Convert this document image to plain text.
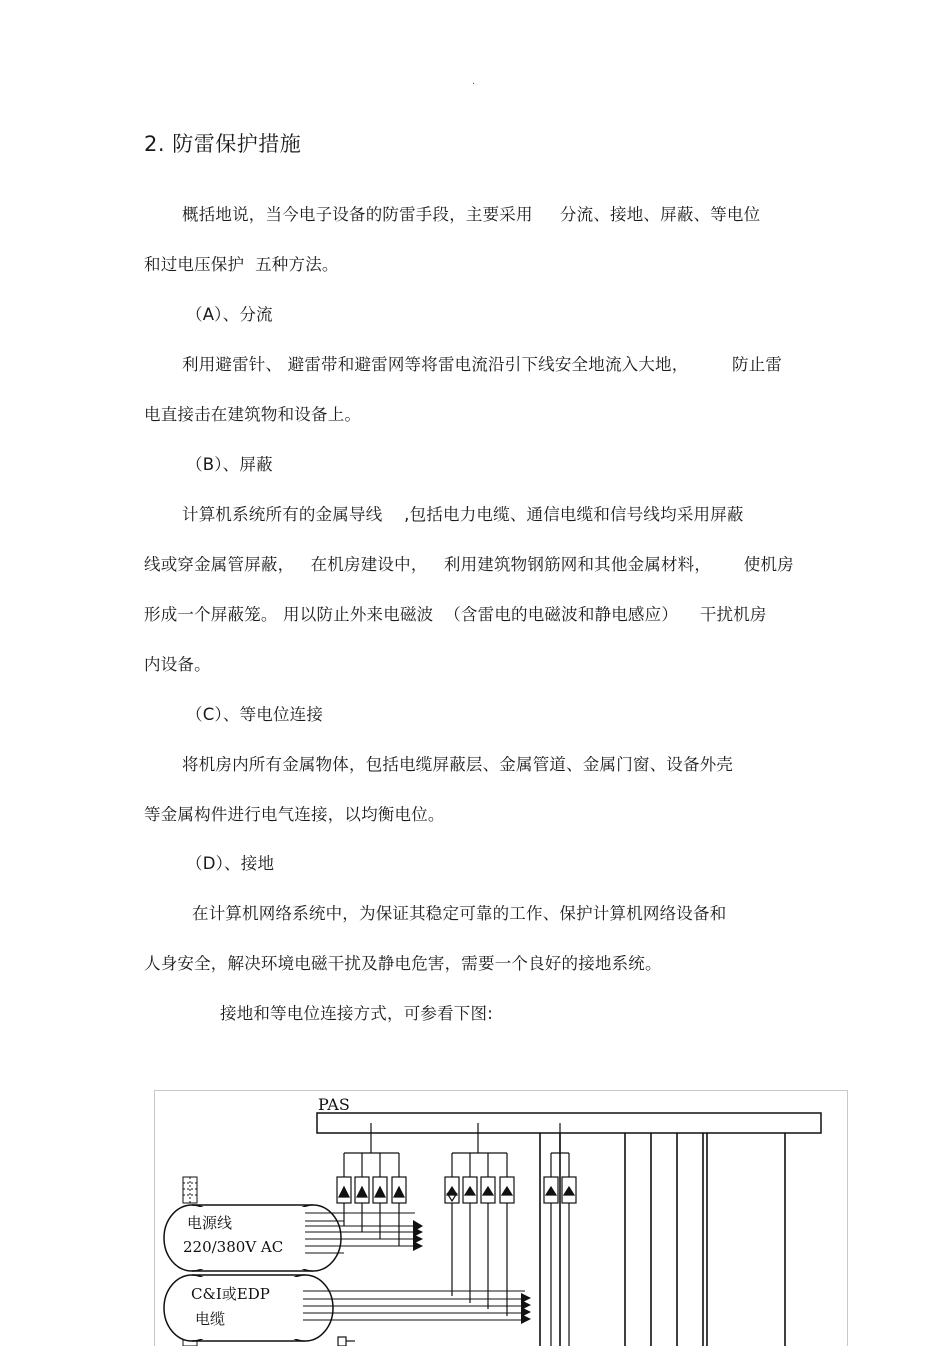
.
2. 防雷保护措施
概括地说，当今电子设备的防雷手段，主要采用     分流、接地、屏蔽、等电位
和过电压保护  五种方法。
（A）、分流
利用避雷针、 避雷带和避雷网等将雷电流沿引下线安全地流入大地，        防止雷
电直接击在建筑物和设备上。
（B）、屏蔽
计算机系统所有的金属导线    ,包括电力电缆、通信电缆和信号线均采用屏蔽
线或穿金属管屏蔽，   在机房建设中，   利用建筑物钢筋网和其他金属材料，      使机房
形成一个屏蔽笼。 用以防止外来电磁波  （含雷电的电磁波和静电感应）    干扰机房
内设备。
（C）、等电位连接
将机房内所有金属物体，包括电缆屏蔽层、金属管道、金属门窗、设备外壳
等金属构件进行电气连接，以均衡电位。
（D）、接地
在计算机网络系统中，为保证其稳定可靠的工作、保护计算机网络设备和
人身安全，解决环境电磁干扰及静电危害，需要一个良好的接地系统。
接地和等电位连接方式，可参看下图:
PAS
电源线
220/380V AC
C&I或EDP
电缆
